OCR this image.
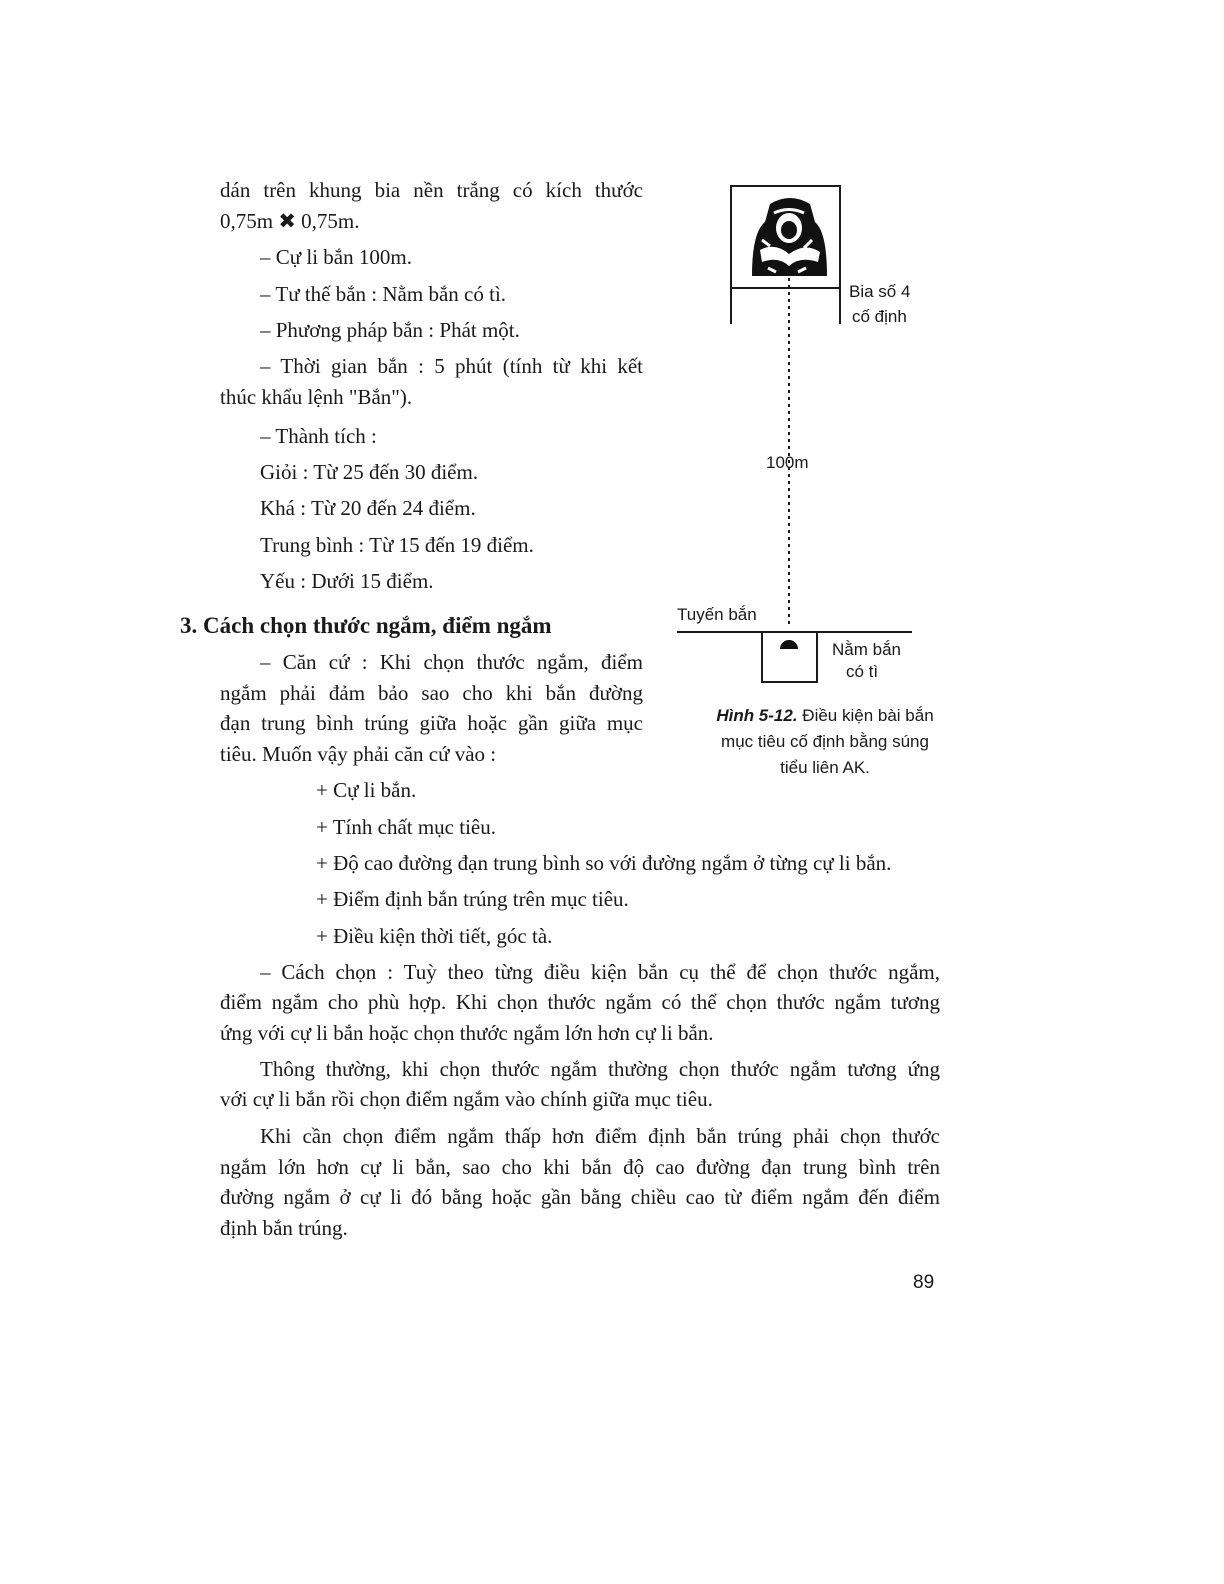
dán trên khung bia nền trắng có kích thước
0,75m ✖ 0,75m.
– Cự li bắn 100m.
– Tư thế bắn : Nằm bắn có tì.
– Phương pháp bắn : Phát một.
– Thời gian bắn : 5 phút (tính từ khi kết
thúc khẩu lệnh "Bắn").
– Thành tích :
Giỏi : Từ 25 đến 30 điểm.
Khá : Từ 20 đến 24 điểm.
Trung bình : Từ 15 đến 19 điểm.
Yếu : Dưới 15 điểm.
3. Cách chọn thước ngắm, điểm ngắm
– Căn cứ : Khi chọn thước ngắm, điểm
ngắm phải đảm bảo sao cho khi bắn đường
đạn trung bình trúng giữa hoặc gần giữa mục
tiêu. Muốn vậy phải căn cứ vào :
+ Cự li bắn.
+ Tính chất mục tiêu.
+ Độ cao đường đạn trung bình so với đường ngắm ở từng cự li bắn.
+ Điểm định bắn trúng trên mục tiêu.
+ Điều kiện thời tiết, góc tà.
– Cách chọn : Tuỳ theo từng điều kiện bắn cụ thể để chọn thước ngắm,
điểm ngắm cho phù hợp. Khi chọn thước ngắm có thể chọn thước ngắm tương
ứng với cự li bắn hoặc chọn thước ngắm lớn hơn cự li bắn.
Thông thường, khi chọn thước ngắm thường chọn thước ngắm tương ứng
với cự li bắn rồi chọn điểm ngắm vào chính giữa mục tiêu.
Khi cần chọn điểm ngắm thấp hơn điểm định bắn trúng phải chọn thước
ngắm lớn hơn cự li bắn, sao cho khi bắn độ cao đường đạn trung bình trên
đường ngắm ở cự li đó bằng hoặc gần bằng chiều cao từ điểm ngắm đến điểm
định bắn trúng.
89
Bia số 4
cố định
100m
Tuyến bắn
Nằm bắn
có tì
Hình 5-12. Điều kiện bài bắn
mục tiêu cố định bằng súng
tiểu liên AK.
